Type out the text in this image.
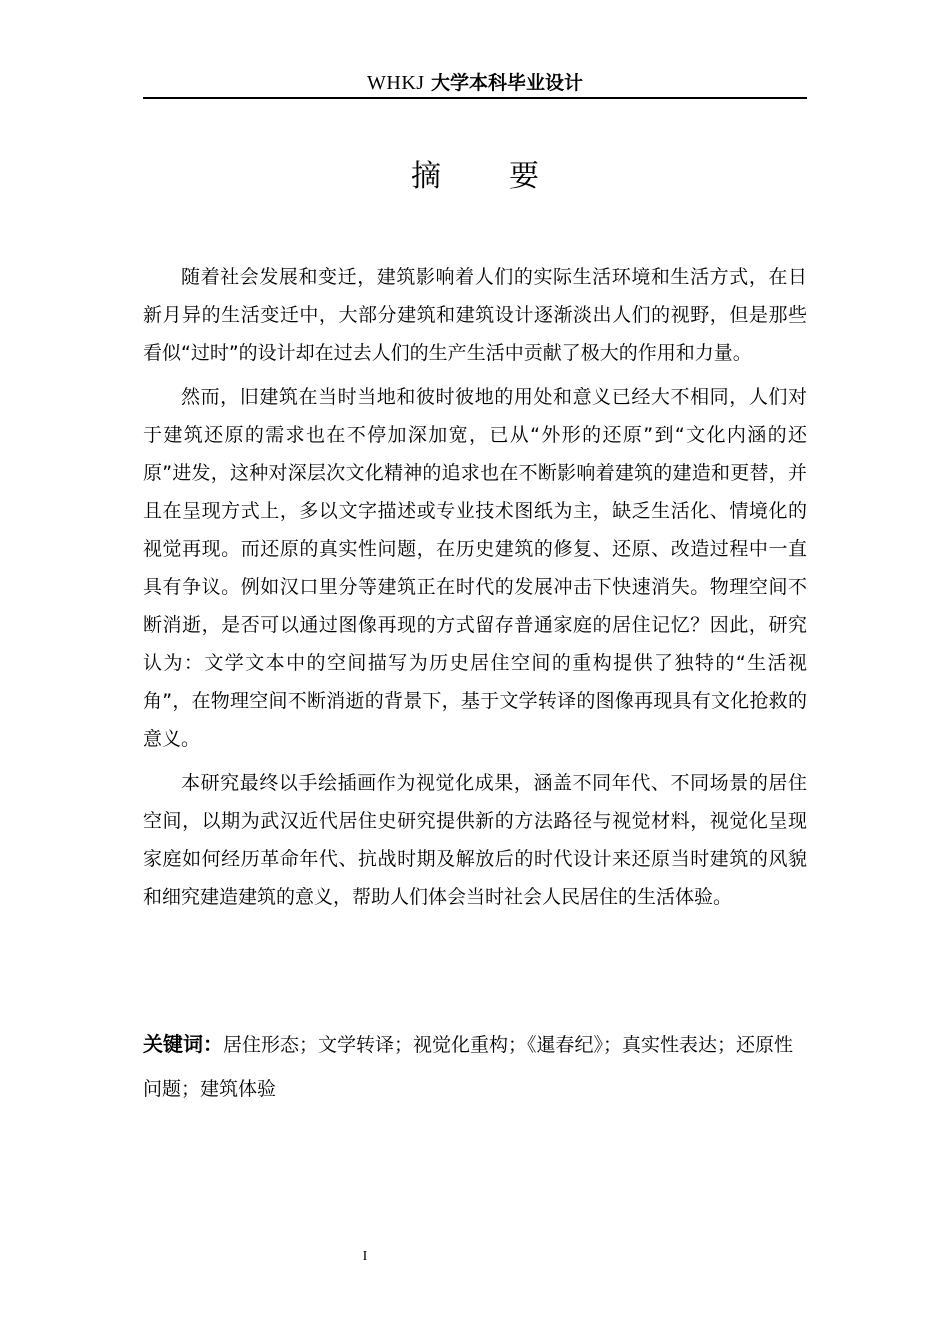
WHKJ 大学本科毕业设计
摘要

随着社会发展和变迁，建筑影响着人们的实际生活环境和生活方式，在日新月异的生活变迁中，大部分建筑和建筑设计逐渐淡出人们的视野，但是那些看似“过时”的设计却在过去人们的生产生活中贡献了极大的作用和力量。

然而，旧建筑在当时当地和彼时彼地的用处和意义已经大不相同，人们对于建筑还原的需求也在不停加深加宽，已从“外形的还原”到“文化内涵的还原”进发，这种对深层次文化精神的追求也在不断影响着建筑的建造和更替，并且在呈现方式上，多以文字描述或专业技术图纸为主，缺乏生活化、情境化的视觉再现。而还原的真实性问题，在历史建筑的修复、还原、改造过程中一直具有争议。例如汉口里分等建筑正在时代的发展冲击下快速消失。物理空间不断消逝，是否可以通过图像再现的方式留存普通家庭的居住记忆？因此，研究认为：文学文本中的空间描写为历史居住空间的重构提供了独特的“生活视角”，在物理空间不断消逝的背景下，基于文学转译的图像再现具有文化抢救的意义。

本研究最终以手绘插画作为视觉化成果，涵盖不同年代、不同场景的居住空间，以期为武汉近代居住史研究提供新的方法路径与视觉材料，视觉化呈现家庭如何经历革命年代、抗战时期及解放后的时代设计来还原当时建筑的风貌和细究建造建筑的意义，帮助人们体会当时社会人民居住的生活体验。

关键词：居住形态；文学转译；视觉化重构；《暹春纪》；真实性表达；还原性问题；建筑体验
I
